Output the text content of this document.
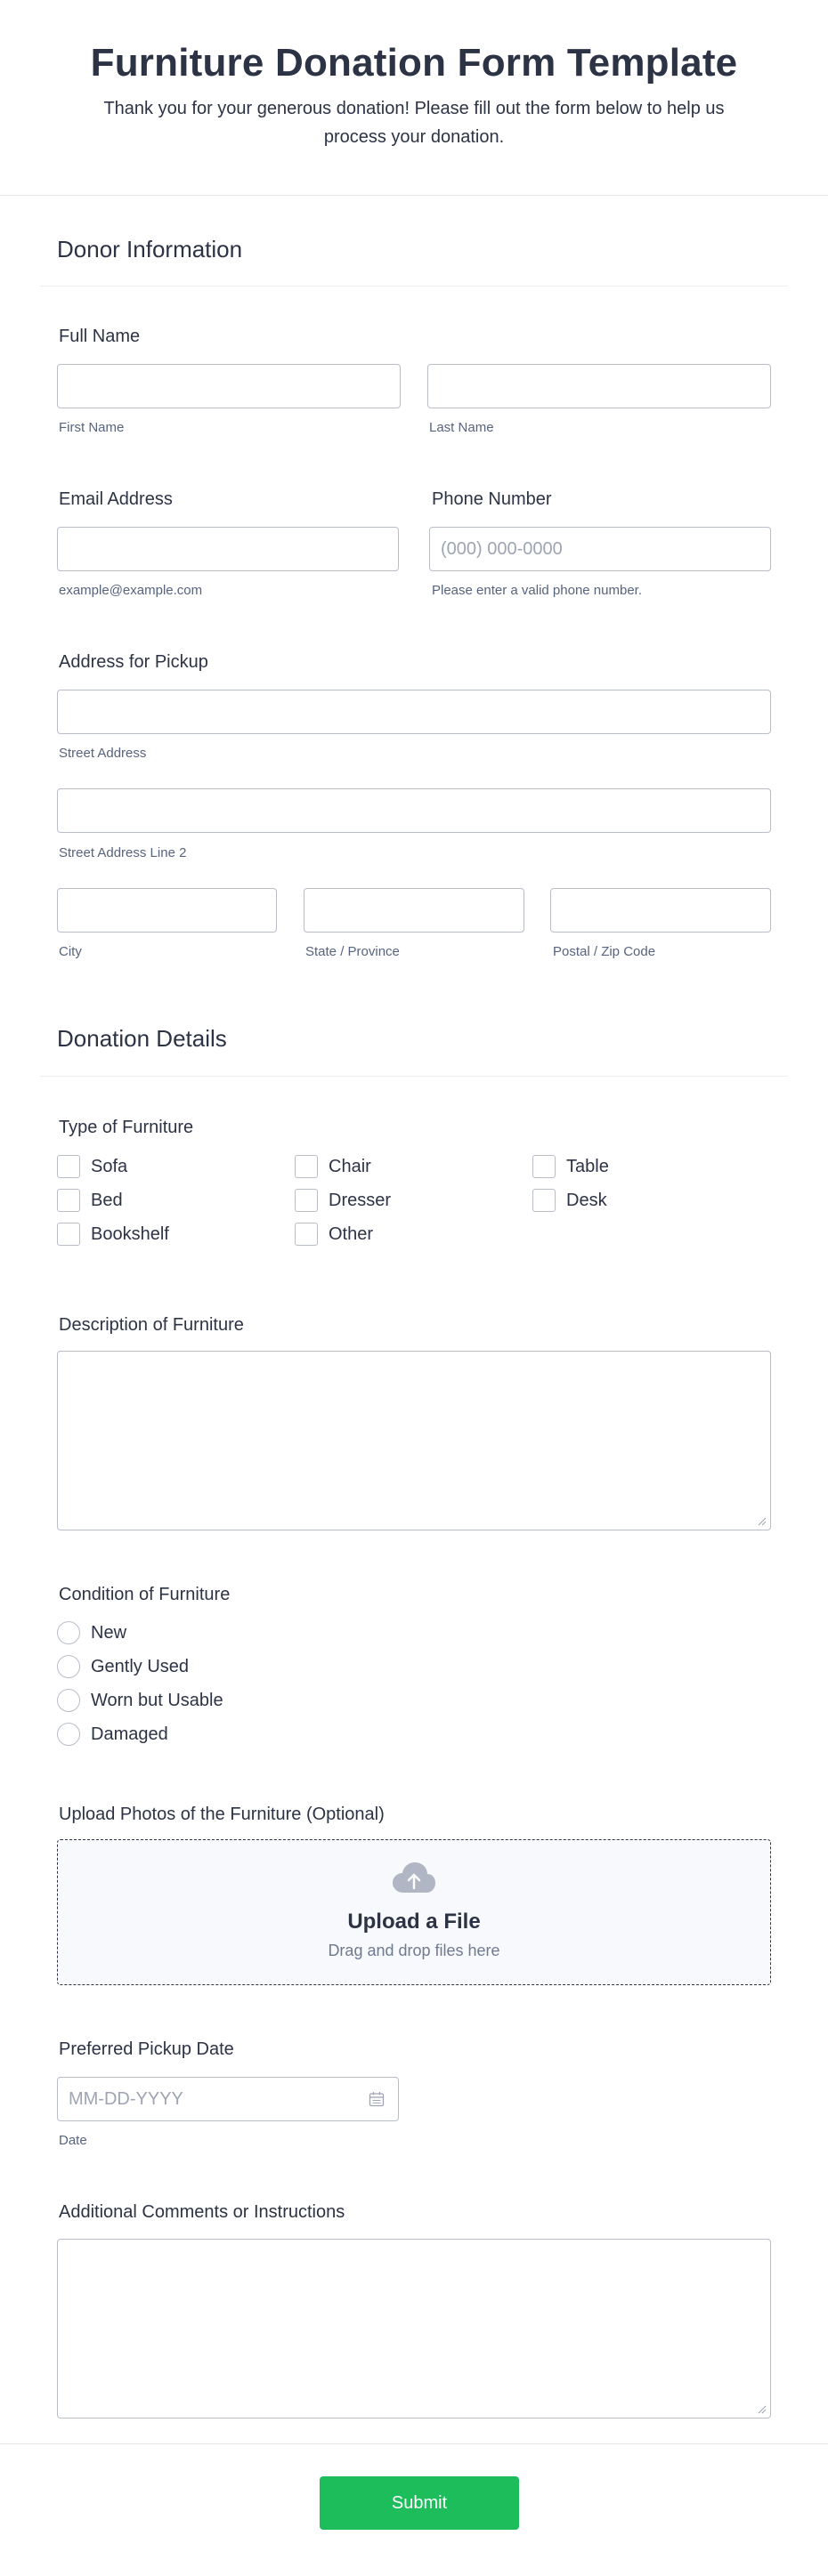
Furniture Donation Form Template
Thank you for your generous donation! Please fill out the form below to help us process your donation.
Donor Information
Full Name
First Name	Last Name
Email Address	Phone Number
(000) 000-0000
example@example.com	Please enter a valid phone number.
Address for Pickup
Street Address
Street Address Line 2
City	State / Province	Postal / Zip Code
Donation Details
Type of Furniture
Sofa	Chair	Table
Bed	Dresser	Desk
Bookshelf	Other
Description of Furniture
Condition of Furniture
New
Gently Used
Worn but Usable
Damaged
Upload Photos of the Furniture (Optional)
Upload a File
Drag and drop files here
Preferred Pickup Date
MM-DD-YYYY
Date
Additional Comments or Instructions
Submit
